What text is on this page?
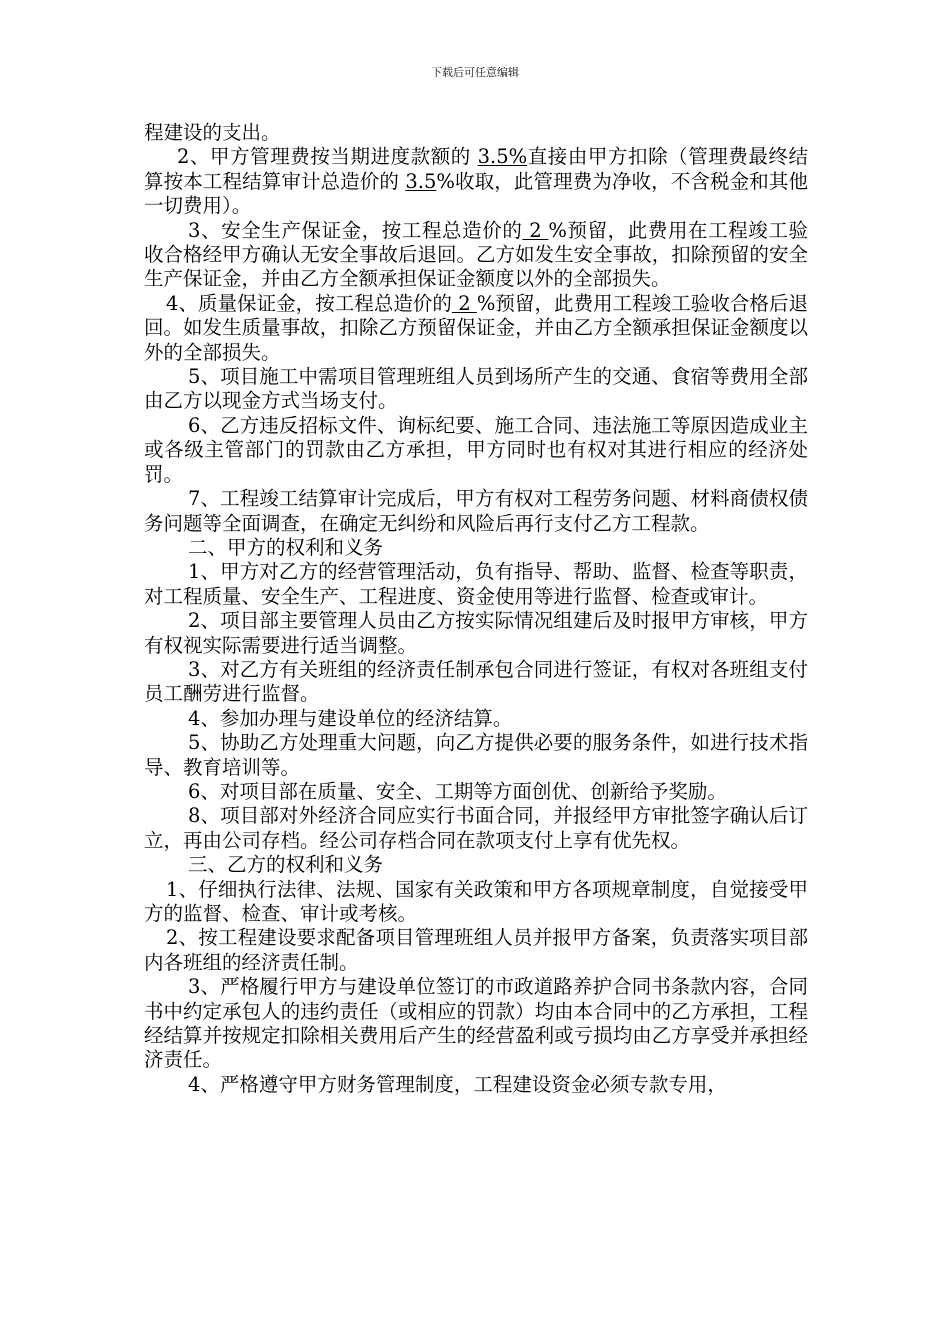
下载后可任意编辑

程建设的支出。

2、甲方管理费按当期进度款额的 3.5%直接由甲方扣除（管理费最终结算按本工程结算审计总造价的 3.5%收取，此管理费为净收，不含税金和其他一切费用）。

3、安全生产保证金，按工程总造价的 2 %预留，此费用在工程竣工验收合格经甲方确认无安全事故后退回。乙方如发生安全事故，扣除预留的安全生产保证金，并由乙方全额承担保证金额度以外的全部损失。

4、质量保证金，按工程总造价的 2 %预留，此费用工程竣工验收合格后退回。如发生质量事故，扣除乙方预留保证金，并由乙方全额承担保证金额度以外的全部损失。

5、项目施工中需项目管理班组人员到场所产生的交通、食宿等费用全部由乙方以现金方式当场支付。

6、乙方违反招标文件、询标纪要、施工合同、违法施工等原因造成业主或各级主管部门的罚款由乙方承担，甲方同时也有权对其进行相应的经济处罚。

7、工程竣工结算审计完成后，甲方有权对工程劳务问题、材料商债权债务问题等全面调查，在确定无纠纷和风险后再行支付乙方工程款。

二、甲方的权利和义务

1、甲方对乙方的经营管理活动，负有指导、帮助、监督、检查等职责，对工程质量、安全生产、工程进度、资金使用等进行监督、检查或审计。

2、项目部主要管理人员由乙方按实际情况组建后及时报甲方审核，甲方有权视实际需要进行适当调整。

3、对乙方有关班组的经济责任制承包合同进行签证，有权对各班组支付员工酬劳进行监督。

4、参加办理与建设单位的经济结算。

5、协助乙方处理重大问题，向乙方提供必要的服务条件，如进行技术指导、教育培训等。

6、对项目部在质量、安全、工期等方面创优、创新给予奖励。

8、项目部对外经济合同应实行书面合同，并报经甲方审批签字确认后订立，再由公司存档。经公司存档合同在款项支付上享有优先权。

三、乙方的权利和义务

1、仔细执行法律、法规、国家有关政策和甲方各项规章制度，自觉接受甲方的监督、检查、审计或考核。

2、按工程建设要求配备项目管理班组人员并报甲方备案，负责落实项目部内各班组的经济责任制。

3、严格履行甲方与建设单位签订的市政道路养护合同书条款内容，合同书中约定承包人的违约责任（或相应的罚款）均由本合同中的乙方承担，工程经结算并按规定扣除相关费用后产生的经营盈利或亏损均由乙方享受并承担经济责任。

4、严格遵守甲方财务管理制度，工程建设资金必须专款专用，
